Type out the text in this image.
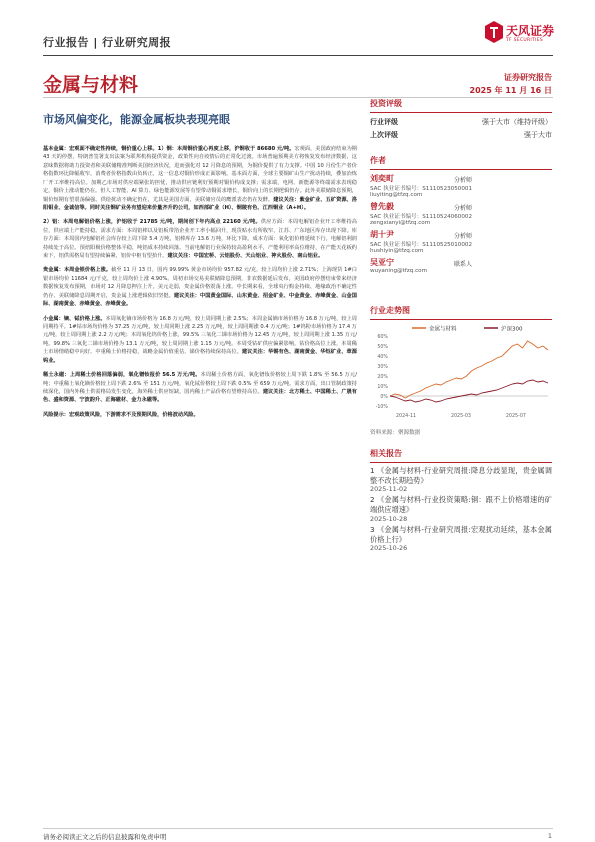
行业报告 | 行业研究周报
天风证券
TF SECURITIES
金属与材料	证券研究报告
2025 年 11 月 16 日
市场风偏变化，能源金属板块表现亮眼

基本金属：宏观面不确定性持续，铜价重心上移。1）铜：本周铜价重心再度上移，沪铜收于 86680 元/吨。宏观面，美国政府结束为期 43 天的停摆，特朗普签署支出法案为联邦机构提供资金，政策性向自疫情后的正常化过渡。市场普遍预期美方将恢复发布经济数据，这意味数据将助力投资者和美联储精准判断美国经济状况，进而强化对 12 月降息的预期，为铜价提供了有力支撑。中国 10 月份生产者价格指数环比降幅收窄，消费者价格指数由负转正，这一信息对铜价形成正面影响。基本面方面，全球主要铜矿山生产扰动持续，叠加冶炼厂开工率维持高位。加期乙市场对供应端紧张的担忧，推动供应链利好预期对铜价构成支撑；需求端，电网、新能源等终端需求表现稳定，铜价上涨动能仍在。但人工智能、AI 算力、绿色能源发展等有望带动铜需求增长，铜价向上的长期逻辑仍存。此外美联储降息预期，铜价短期有望震荡偏强。供给扰动不确定仍在，尤其是美国方面，美联储官员的鹰派表态仍在发酵。建议关注：紫金矿业、五矿资源、洛阳钼业、金诚信等。同时关注铜矿业务有望迎来价量齐升的公司，如西部矿业（H）、铜陵有色、江西铜业（A+H）。

2）铝：本周电解铝价格上涨，沪铝收于 21785 元/吨，期间创下年内高点 22160 元/吨。供应方面：本周电解铝企业开工率维持高位，供应端上产能持稳。需求方面：本周铝棒以及铝板带箔企业开工率小幅回升，现货贴水有所收窄，江苏、广东地区库存出现下降。库存方面：本周国内电解铝社会库存较上周下降 5.4 万吨，铝棒库存 13.6 万吨，环比下降。成本方面：氧化铝价格延续下行，电解铝利润持续处于高位。预焙阳极价格整体平稳，吨铝成本持续回落。当前电解铝行业保持较高盈利水平，产能利用率高位维持，在产能天花板约束下，铝供需格局有望持续偏紧，铝价中枢有望抬升。建议关注：中国宏桥、云铝股份、天山铝业、神火股份、南山铝业。

贵金属：本周金银价格上涨。截至 11 月 13 日，国内 99.99% 黄金市场均价 957.82 元/克，较上周均价上涨 2.71%；上海现货 1#白银市场均价 11684 元/千克，较上周均价上涨 4.90%。周初市场交易美联储降息预期，非农数据延后发布，美国政府停摆结束带来经济数据恢复发布预期，市场对 12 月降息押注上升，美元走弱，贵金属价格震荡上涨。中长期来看，全球央行购金持续、地缘政治不确定性仍存、美联储降息周期开启，贵金属上涨逻辑依旧坚挺。建议关注：中国黄金国际、山东黄金、招金矿业、中金黄金、赤峰黄金、山金国际、湖南黄金、赤峰黄金、赤峰黄金。

小金属：镝、铽价格上涨。本周氧化镝市场价格为 16.8 万元/吨，较上周同期上涨 2.5%；本周金属镝市场价格为 16.8 万元/吨，较上周同期持平。1#钴市场均价格为 37.25 万元/吨，较上周同期上涨 2.25 万元/吨，较上周同期涨 0.4 万元/吨；1#钨粉市场价格为 17.4 万元/吨，较上周同期上涨 2.2 万元/吨；本周氧化钨价格上涨，99.5% 三氧化二锑市场价格为 12.45 万元/吨，较上周同期上涨 1.35 万元/吨。99.8% 三氧化二锑市场价格为 13.1 万元/吨，较上周同期上涨 1.15 万元/吨。本周受钴矿供应偏紧影响，钴价格高位上涨，本周稀土市场情绪稳中向好。中重稀土价格持稳，战略金属价值重估，锑价格持续保持高位。建议关注：华锡有色、湖南黄金、华钰矿业、章源钨业。

稀土永磁：上周稀土价格回落偏弱，氧化镨钕报价 56.5 万元/吨。本周稀土价格方面，氧化镨钕价格较上周下跌 1.8% 至 56.5 万元/吨；中重稀土氧化镝价格较上周下跌 2.6% 至 151 万元/吨，氧化铽价格较上周下跌 0.5% 至 659 万元/吨。需求方面，出口管制政策持续深化，国内外稀土供需格局发生变化，海外稀土供应短缺，国内稀土产品价格有望维持高位。建议关注：北方稀土、中国稀土、广晟有色、盛和资源、宁波韵升、正海磁材、金力永磁等。

风险提示：宏观政策风险，下游需求不及预期风险，价格波动风险。

投资评级
行业评级	强于大市（维持评级）
上次评级	强于大市
作者
刘奕町	分析师
SAC 执业证书编号：S1110523050001
liuyiting@tfzq.com
曾先毅	分析师
SAC 执业证书编号：S1110524060002
zengxianyi@tfzq.com
胡十尹	分析师
SAC 执业证书编号：S1110525010002
hushiyin@tfzq.com
吴亚宁	联系人
wuyaning@tfzq.com
行业走势图
金属与材料	沪深300
60%
50%
40%
30%
20%
10%
0%
-10%
2024-11	2025-03	2025-07
资料来源：聚源数据
相关报告
1 《金属与材料-行业研究周报:降息分歧显现，贵金属调整不改长期趋势》
2025-11-02
2 《金属与材料-行业投资策略:铜：跟不上价格增速的矿端供应增速》
2025-10-28
3 《金属与材料-行业研究周报:宏观扰动延续，基本金属价格上行》
2025-10-26
请务必阅读正文之后的信息披露和免责申明	1
